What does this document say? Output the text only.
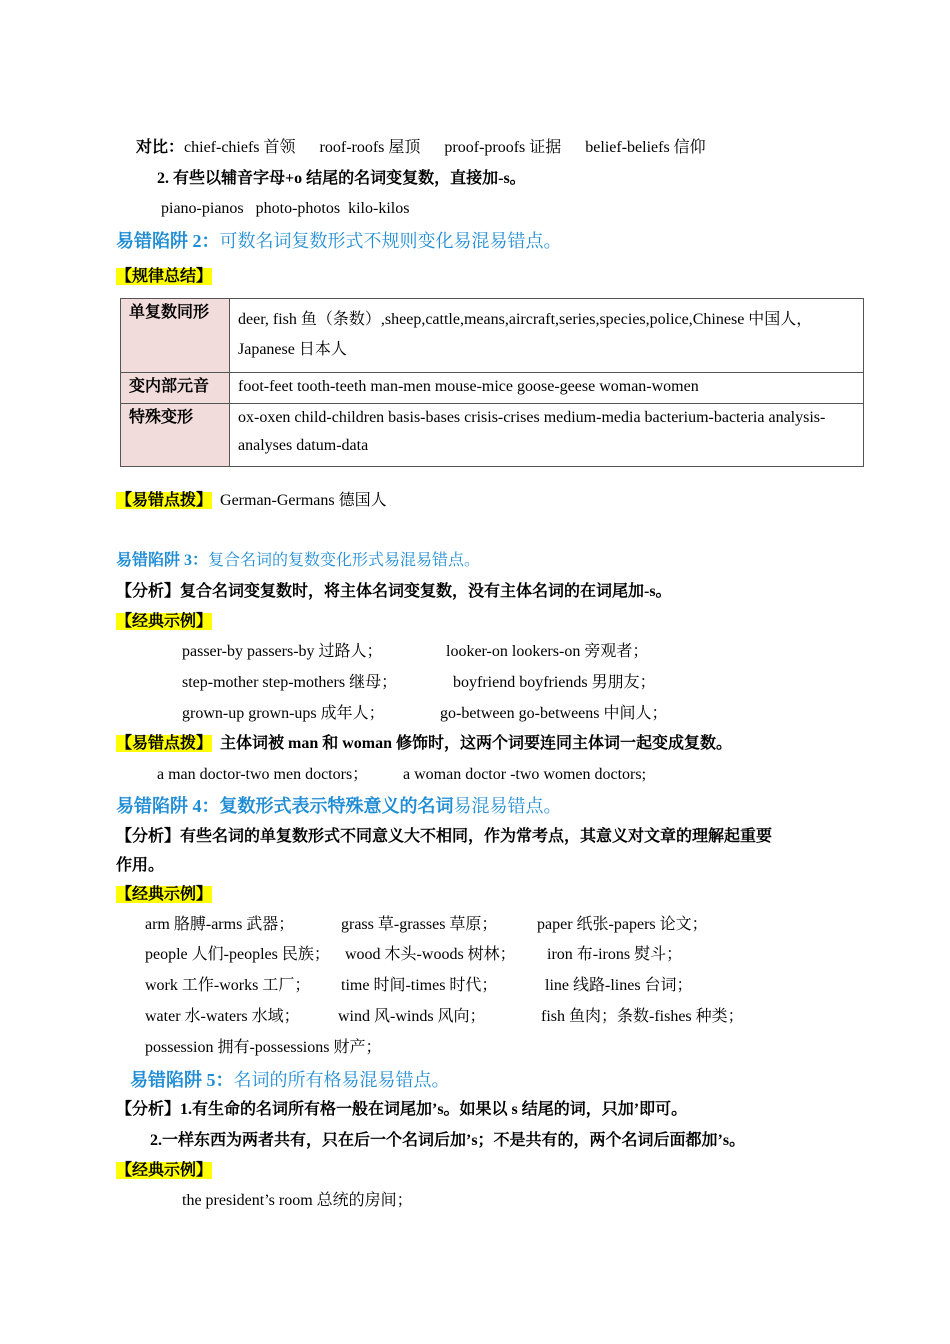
对比：chief-chiefs 首领 roof-roofs 屋顶 proof-proofs 证据 belief-beliefs 信仰
2. 有些以辅音字母+o 结尾的名词变复数，直接加-s。
piano-pianos photo-photos kilo-kilos
易错陷阱 2：可数名词复数形式不规则变化易混易错点。
【规律总结】
单复数同形	deer, fish 鱼（条数）,sheep,cattle,means,aircraft,series,species,police,Chinese 中国人，Japanese 日本人
变内部元音	foot-feet tooth-teeth man-men mouse-mice goose-geese woman-women
特殊变形	ox-oxen child-children basis-bases crisis-crises medium-media bacterium-bacteria analysis-analyses datum-data
【易错点拨】 German-Germans 德国人
易错陷阱 3：复合名词的复数变化形式易混易错点。
【分析】复合名词变复数时，将主体名词变复数，没有主体名词的在词尾加-s。
【经典示例】
passer-by passers-by 过路人；	looker-on lookers-on 旁观者；
step-mother step-mothers 继母；	boyfriend boyfriends 男朋友；
grown-up grown-ups 成年人；	go-between go-betweens 中间人；
【易错点拨】 主体词被 man 和 woman 修饰时，这两个词要连同主体词一起变成复数。
a man doctor-two men doctors； a woman doctor -two women doctors;
易错陷阱 4：复数形式表示特殊意义的名词易混易错点。
【分析】有些名词的单复数形式不同意义大不相同，作为常考点，其意义对文章的理解起重要
作用。
【经典示例】
arm 胳膊-arms 武器；	grass 草-grasses 草原； paper 纸张-papers 论文；
people 人们-peoples 民族； wood 木头-woods 树林； iron 布-irons 熨斗；
work 工作-works 工厂； time 时间-times 时代；	line 线路-lines 台词；
water 水-waters 水域； wind 风-winds 风向；	fish 鱼肉；条数-fishes 种类；
possession 拥有-possessions 财产；
易错陷阱 5：名词的所有格易混易错点。
【分析】1.有生命的名词所有格一般在词尾加’s。如果以 s 结尾的词，只加’即可。
2.一样东西为两者共有，只在后一个名词后加’s；不是共有的，两个名词后面都加’s。
【经典示例】
the president’s room 总统的房间；
